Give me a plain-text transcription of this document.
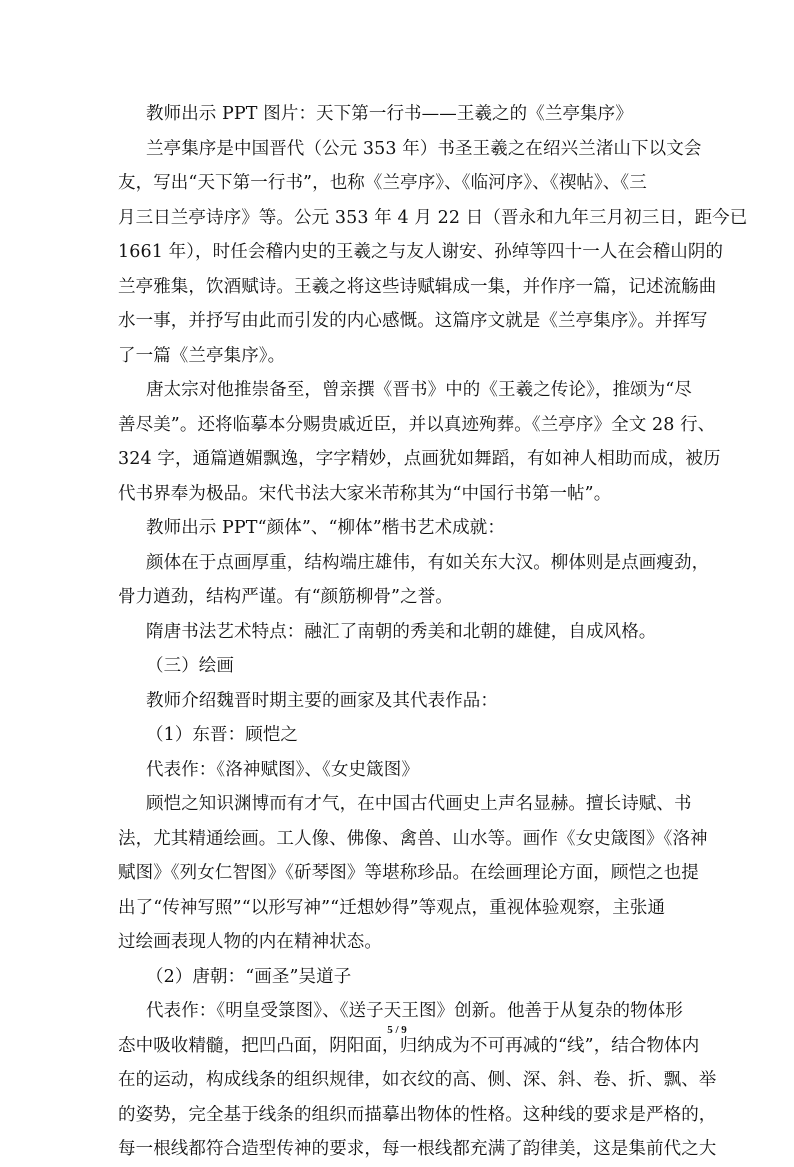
教师出示 PPT 图片：天下第一行书——王羲之的《兰亭集序》
兰亭集序是中国晋代（公元 353 年）书圣王羲之在绍兴兰渚山下以文会
友，写出“天下第一行书”，也称《兰亭序》、《临河序》、《禊帖》、《三
月三日兰亭诗序》等。公元 353 年 4 月 22 日（晋永和九年三月初三日，距今已
1661 年），时任会稽内史的王羲之与友人谢安、孙绰等四十一人在会稽山阴的
兰亭雅集，饮酒赋诗。王羲之将这些诗赋辑成一集，并作序一篇，记述流觞曲
水一事，并抒写由此而引发的内心感慨。这篇序文就是《兰亭集序》。并挥写
了一篇《兰亭集序》。
唐太宗对他推崇备至，曾亲撰《晋书》中的《王羲之传论》，推颂为“尽
善尽美”。还将临摹本分赐贵戚近臣，并以真迹殉葬。《兰亭序》全文 28 行、
324 字，通篇遒媚飘逸，字字精妙，点画犹如舞蹈，有如神人相助而成，被历
代书界奉为极品。宋代书法大家米芾称其为“中国行书第一帖”。
教师出示 PPT“颜体”、“柳体”楷书艺术成就：
颜体在于点画厚重，结构端庄雄伟，有如关东大汉。柳体则是点画瘦劲，
骨力遒劲，结构严谨。有“颜筋柳骨”之誉。
隋唐书法艺术特点：融汇了南朝的秀美和北朝的雄健，自成风格。
（三）绘画
教师介绍魏晋时期主要的画家及其代表作品：
（1）东晋：顾恺之
代表作：《洛神赋图》、《女史箴图》
顾恺之知识渊博而有才气，在中国古代画史上声名显赫。擅长诗赋、书
法，尤其精通绘画。工人像、佛像、禽兽、山水等。画作《女史箴图》《洛神
赋图》《列女仁智图》《斫琴图》等堪称珍品。在绘画理论方面，顾恺之也提
出了“传神写照”“以形写神”“迁想妙得”等观点，重视体验观察，主张通
过绘画表现人物的内在精神状态。
（2）唐朝：“画圣”吴道子
代表作：《明皇受箓图》、《送子天王图》创新。他善于从复杂的物体形
态中吸收精髓，把凹凸面，阴阳面，归纳成为不可再减的“线”，结合物体内
在的运动，构成线条的组织规律，如衣纹的高、侧、深、斜、卷、折、飘、举
的姿势，完全基于线条的组织而描摹出物体的性格。这种线的要求是严格的，
每一根线都符合造型传神的要求，每一根线都充满了韵律美，这是集前代之大
5 / 9
